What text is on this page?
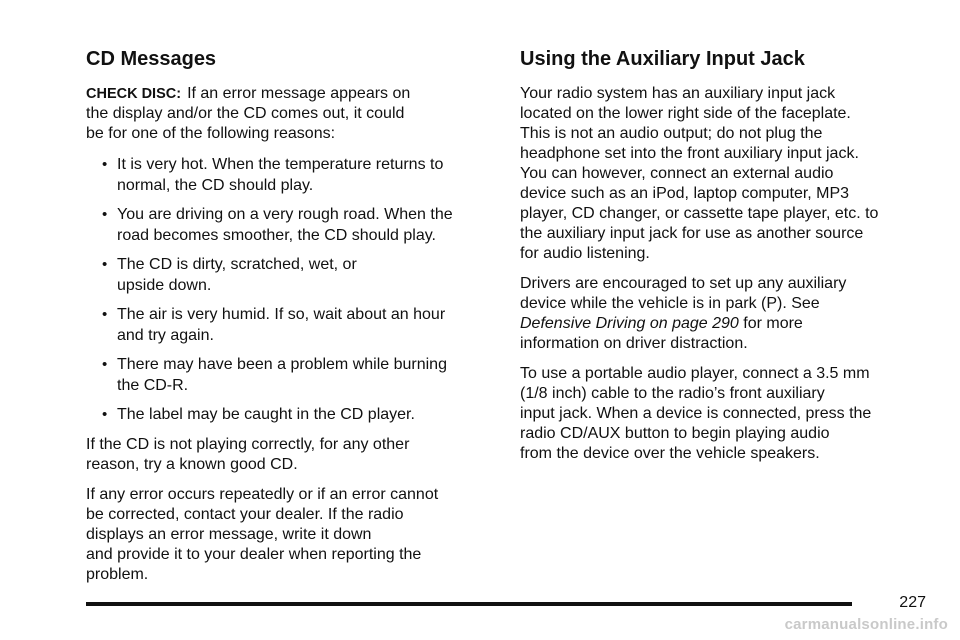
CD Messages

CHECK DISC: If an error message appears on
the display and/or the CD comes out, it could
be for one of the following reasons:

• It is very hot. When the temperature returns to
normal, the CD should play.
• You are driving on a very rough road. When the
road becomes smoother, the CD should play.
• The CD is dirty, scratched, wet, or
upside down.
• The air is very humid. If so, wait about an hour
and try again.
• There may have been a problem while burning
the CD-R.
• The label may be caught in the CD player.

If the CD is not playing correctly, for any other
reason, try a known good CD.

If any error occurs repeatedly or if an error cannot
be corrected, contact your dealer. If the radio
displays an error message, write it down
and provide it to your dealer when reporting the
problem.

Using the Auxiliary Input Jack

Your radio system has an auxiliary input jack
located on the lower right side of the faceplate.
This is not an audio output; do not plug the
headphone set into the front auxiliary input jack.
You can however, connect an external audio
device such as an iPod, laptop computer, MP3
player, CD changer, or cassette tape player, etc. to
the auxiliary input jack for use as another source
for audio listening.

Drivers are encouraged to set up any auxiliary
device while the vehicle is in park (P). See
Defensive Driving on page 290 for more
information on driver distraction.

To use a portable audio player, connect a 3.5 mm
(1/8 inch) cable to the radio’s front auxiliary
input jack. When a device is connected, press the
radio CD/AUX button to begin playing audio
from the device over the vehicle speakers.

227
carmanualsonline.info
